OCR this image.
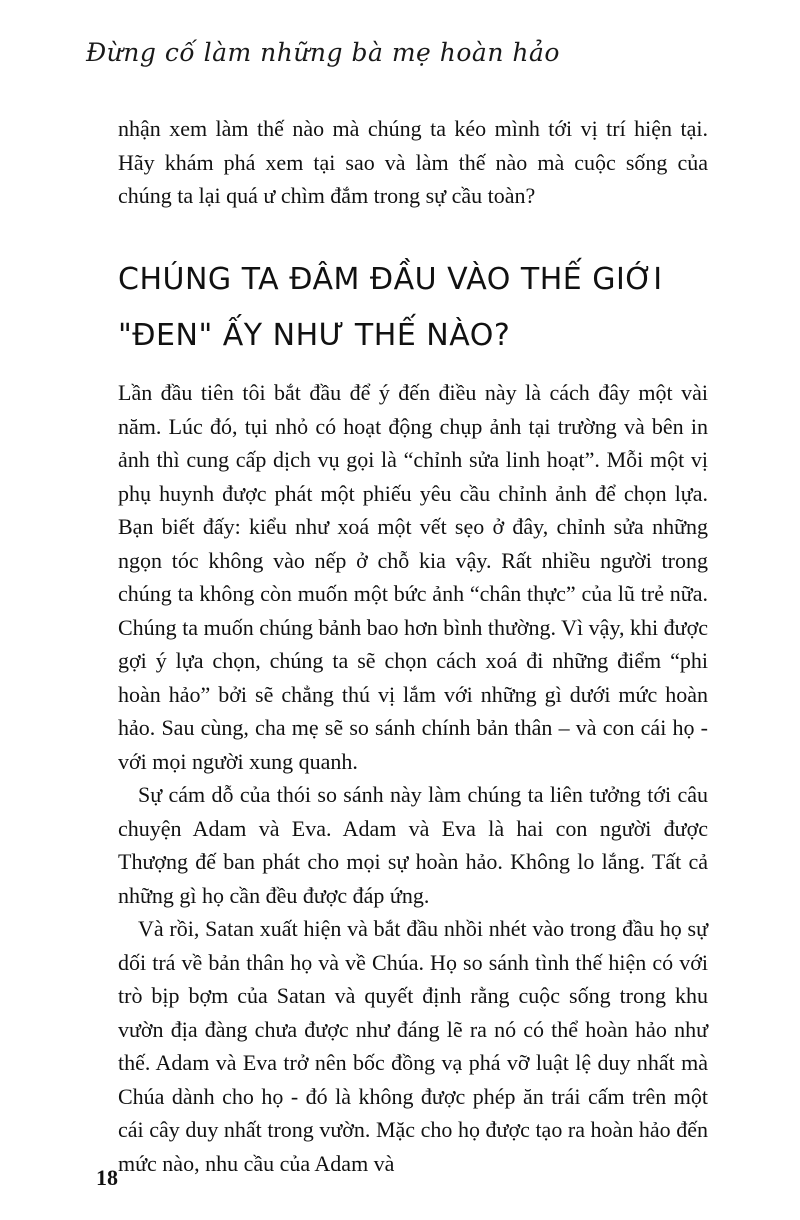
Đừng cố làm những bà mẹ hoàn hảo

nhận xem làm thế nào mà chúng ta kéo mình tới vị trí hiện tại. Hãy khám phá xem tại sao và làm thế nào mà cuộc sống của chúng ta lại quá ư chìm đắm trong sự cầu toàn?

CHÚNG TA ĐÂM ĐẦU VÀO THẾ GIỚI "ĐEN" ẤY NHƯ THẾ NÀO?

Lần đầu tiên tôi bắt đầu để ý đến điều này là cách đây một vài năm. Lúc đó, tụi nhỏ có hoạt động chụp ảnh tại trường và bên in ảnh thì cung cấp dịch vụ gọi là “chỉnh sửa linh hoạt”. Mỗi một vị phụ huynh được phát một phiếu yêu cầu chỉnh ảnh để chọn lựa. Bạn biết đấy: kiểu như xoá một vết sẹo ở đây, chỉnh sửa những ngọn tóc không vào nếp ở chỗ kia vậy. Rất nhiều người trong chúng ta không còn muốn một bức ảnh “chân thực” của lũ trẻ nữa. Chúng ta muốn chúng bảnh bao hơn bình thường. Vì vậy, khi được gợi ý lựa chọn, chúng ta sẽ chọn cách xoá đi những điểm “phi hoàn hảo” bởi sẽ chẳng thú vị lắm với những gì dưới mức hoàn hảo. Sau cùng, cha mẹ sẽ so sánh chính bản thân – và con cái họ - với mọi người xung quanh.

Sự cám dỗ của thói so sánh này làm chúng ta liên tưởng tới câu chuyện Adam và Eva. Adam và Eva là hai con người được Thượng đế ban phát cho mọi sự hoàn hảo. Không lo lắng. Tất cả những gì họ cần đều được đáp ứng.

Và rồi, Satan xuất hiện và bắt đầu nhồi nhét vào trong đầu họ sự dối trá về bản thân họ và về Chúa. Họ so sánh tình thế hiện có với trò bịp bợm của Satan và quyết định rằng cuộc sống trong khu vườn địa đàng chưa được như đáng lẽ ra nó có thể hoàn hảo như thế. Adam và Eva trở nên bốc đồng vạ phá vỡ luật lệ duy nhất mà Chúa dành cho họ - đó là không được phép ăn trái cấm trên một cái cây duy nhất trong vườn. Mặc cho họ được tạo ra hoàn hảo đến mức nào, nhu cầu của Adam và

18
